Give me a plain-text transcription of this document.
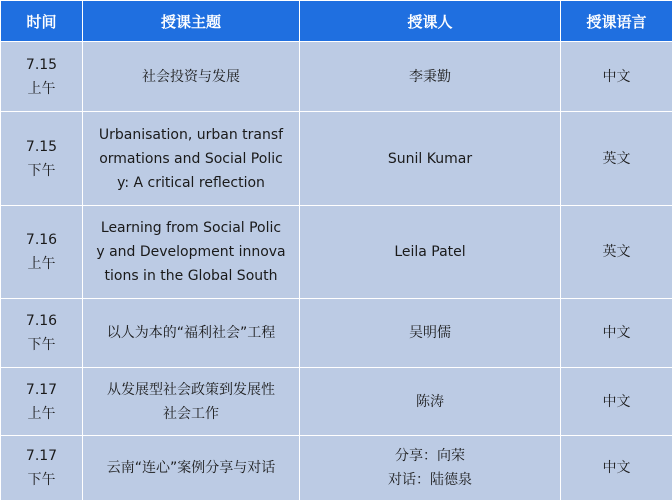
时间	授课主题	授课人	授课语言

7.15
上午	社会投资与发展	李秉勤	中文

7.15
下午	Urbanisation, urban transf
ormations and Social Polic
y: A critical reflection	Sunil Kumar	英文

7.16
上午	Learning from Social Polic
y and Development innova
tions in the Global South	Leila Patel	英文

7.16
下午	以人为本的“福利社会”工程	吴明儒	中文

7.17
上午	从发展型社会政策到发展性
社会工作	陈涛	中文

7.17
下午	云南“连心”案例分享与对话	分享：向荣
对话：陆德泉	中文
